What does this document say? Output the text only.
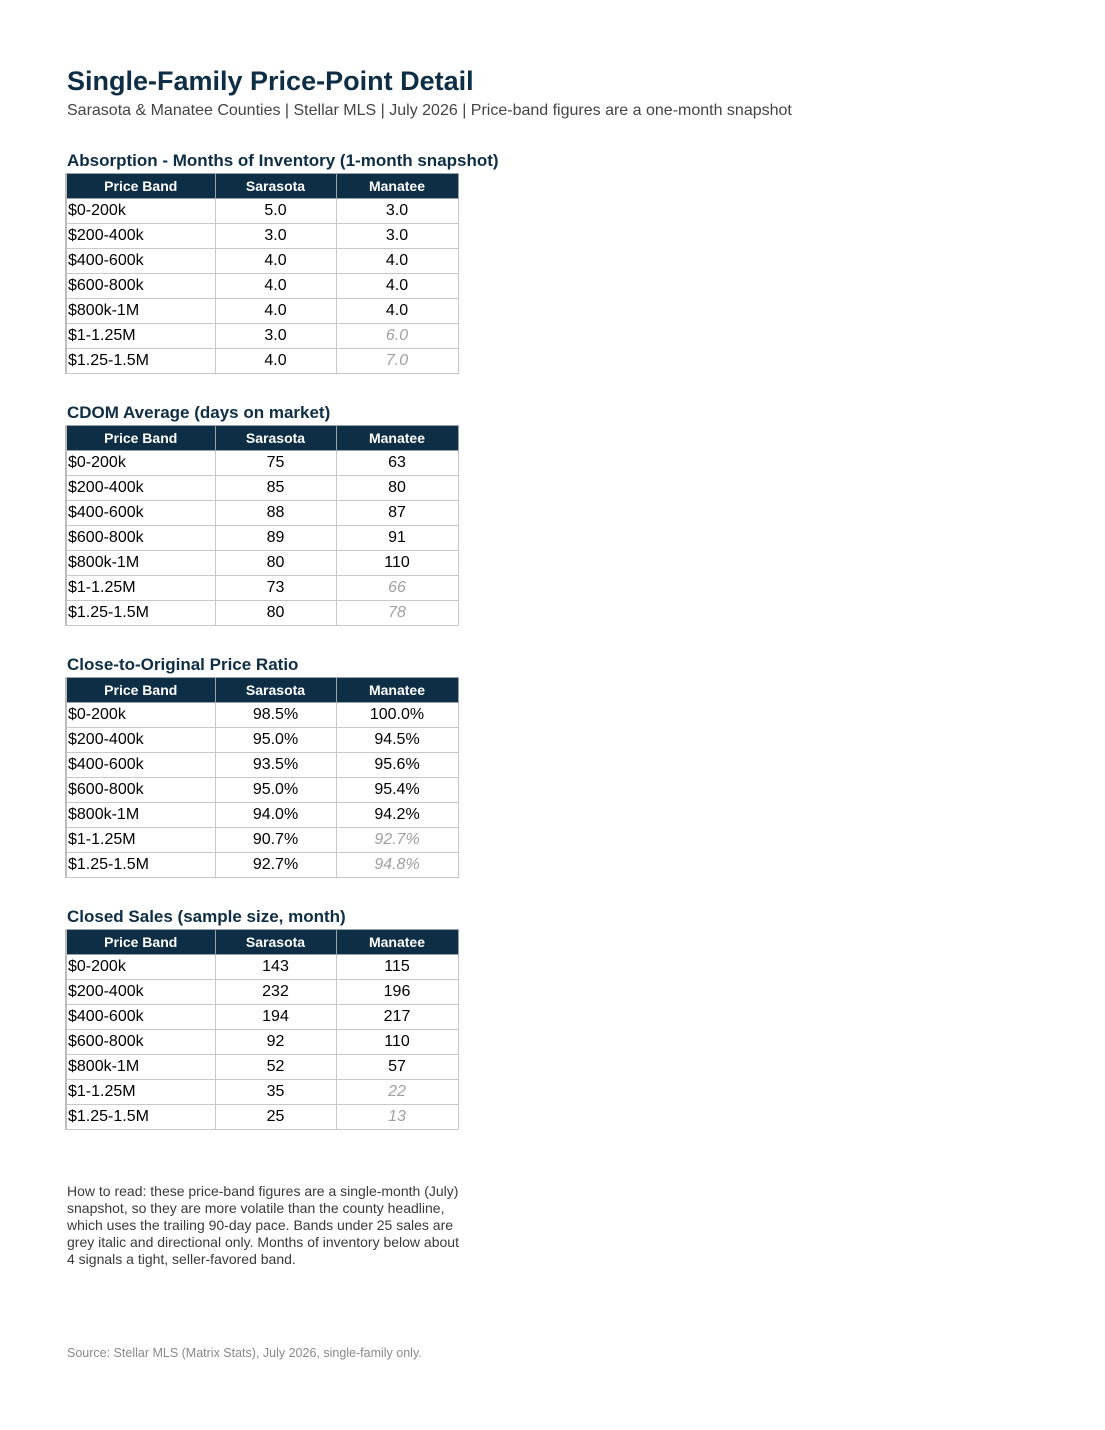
Single-Family Price-Point Detail

Sarasota & Manatee Counties | Stellar MLS | July 2026 | Price-band figures are a one-month snapshot

Absorption - Months of Inventory (1-month snapshot)
Price Band	Sarasota	Manatee
$0-200k	5.0	3.0
$200-400k	3.0	3.0
$400-600k	4.0	4.0
$600-800k	4.0	4.0
$800k-1M	4.0	4.0
$1-1.25M	3.0	6.0
$1.25-1.5M	4.0	7.0
CDOM Average (days on market)
Price Band	Sarasota	Manatee
$0-200k	75	63
$200-400k	85	80
$400-600k	88	87
$600-800k	89	91
$800k-1M	80	110
$1-1.25M	73	66
$1.25-1.5M	80	78
Close-to-Original Price Ratio
Price Band	Sarasota	Manatee
$0-200k	98.5%	100.0%
$200-400k	95.0%	94.5%
$400-600k	93.5%	95.6%
$600-800k	95.0%	95.4%
$800k-1M	94.0%	94.2%
$1-1.25M	90.7%	92.7%
$1.25-1.5M	92.7%	94.8%
Closed Sales (sample size, month)
Price Band	Sarasota	Manatee
$0-200k	143	115
$200-400k	232	196
$400-600k	194	217
$600-800k	92	110
$800k-1M	52	57
$1-1.25M	35	22
$1.25-1.5M	25	13

How to read: these price-band figures are a single-month (July) snapshot, so they are more volatile than the county headline, which uses the trailing 90-day pace. Bands under 25 sales are grey italic and directional only. Months of inventory below about 4 signals a tight, seller-favored band.

Source: Stellar MLS (Matrix Stats), July 2026, single-family only.
